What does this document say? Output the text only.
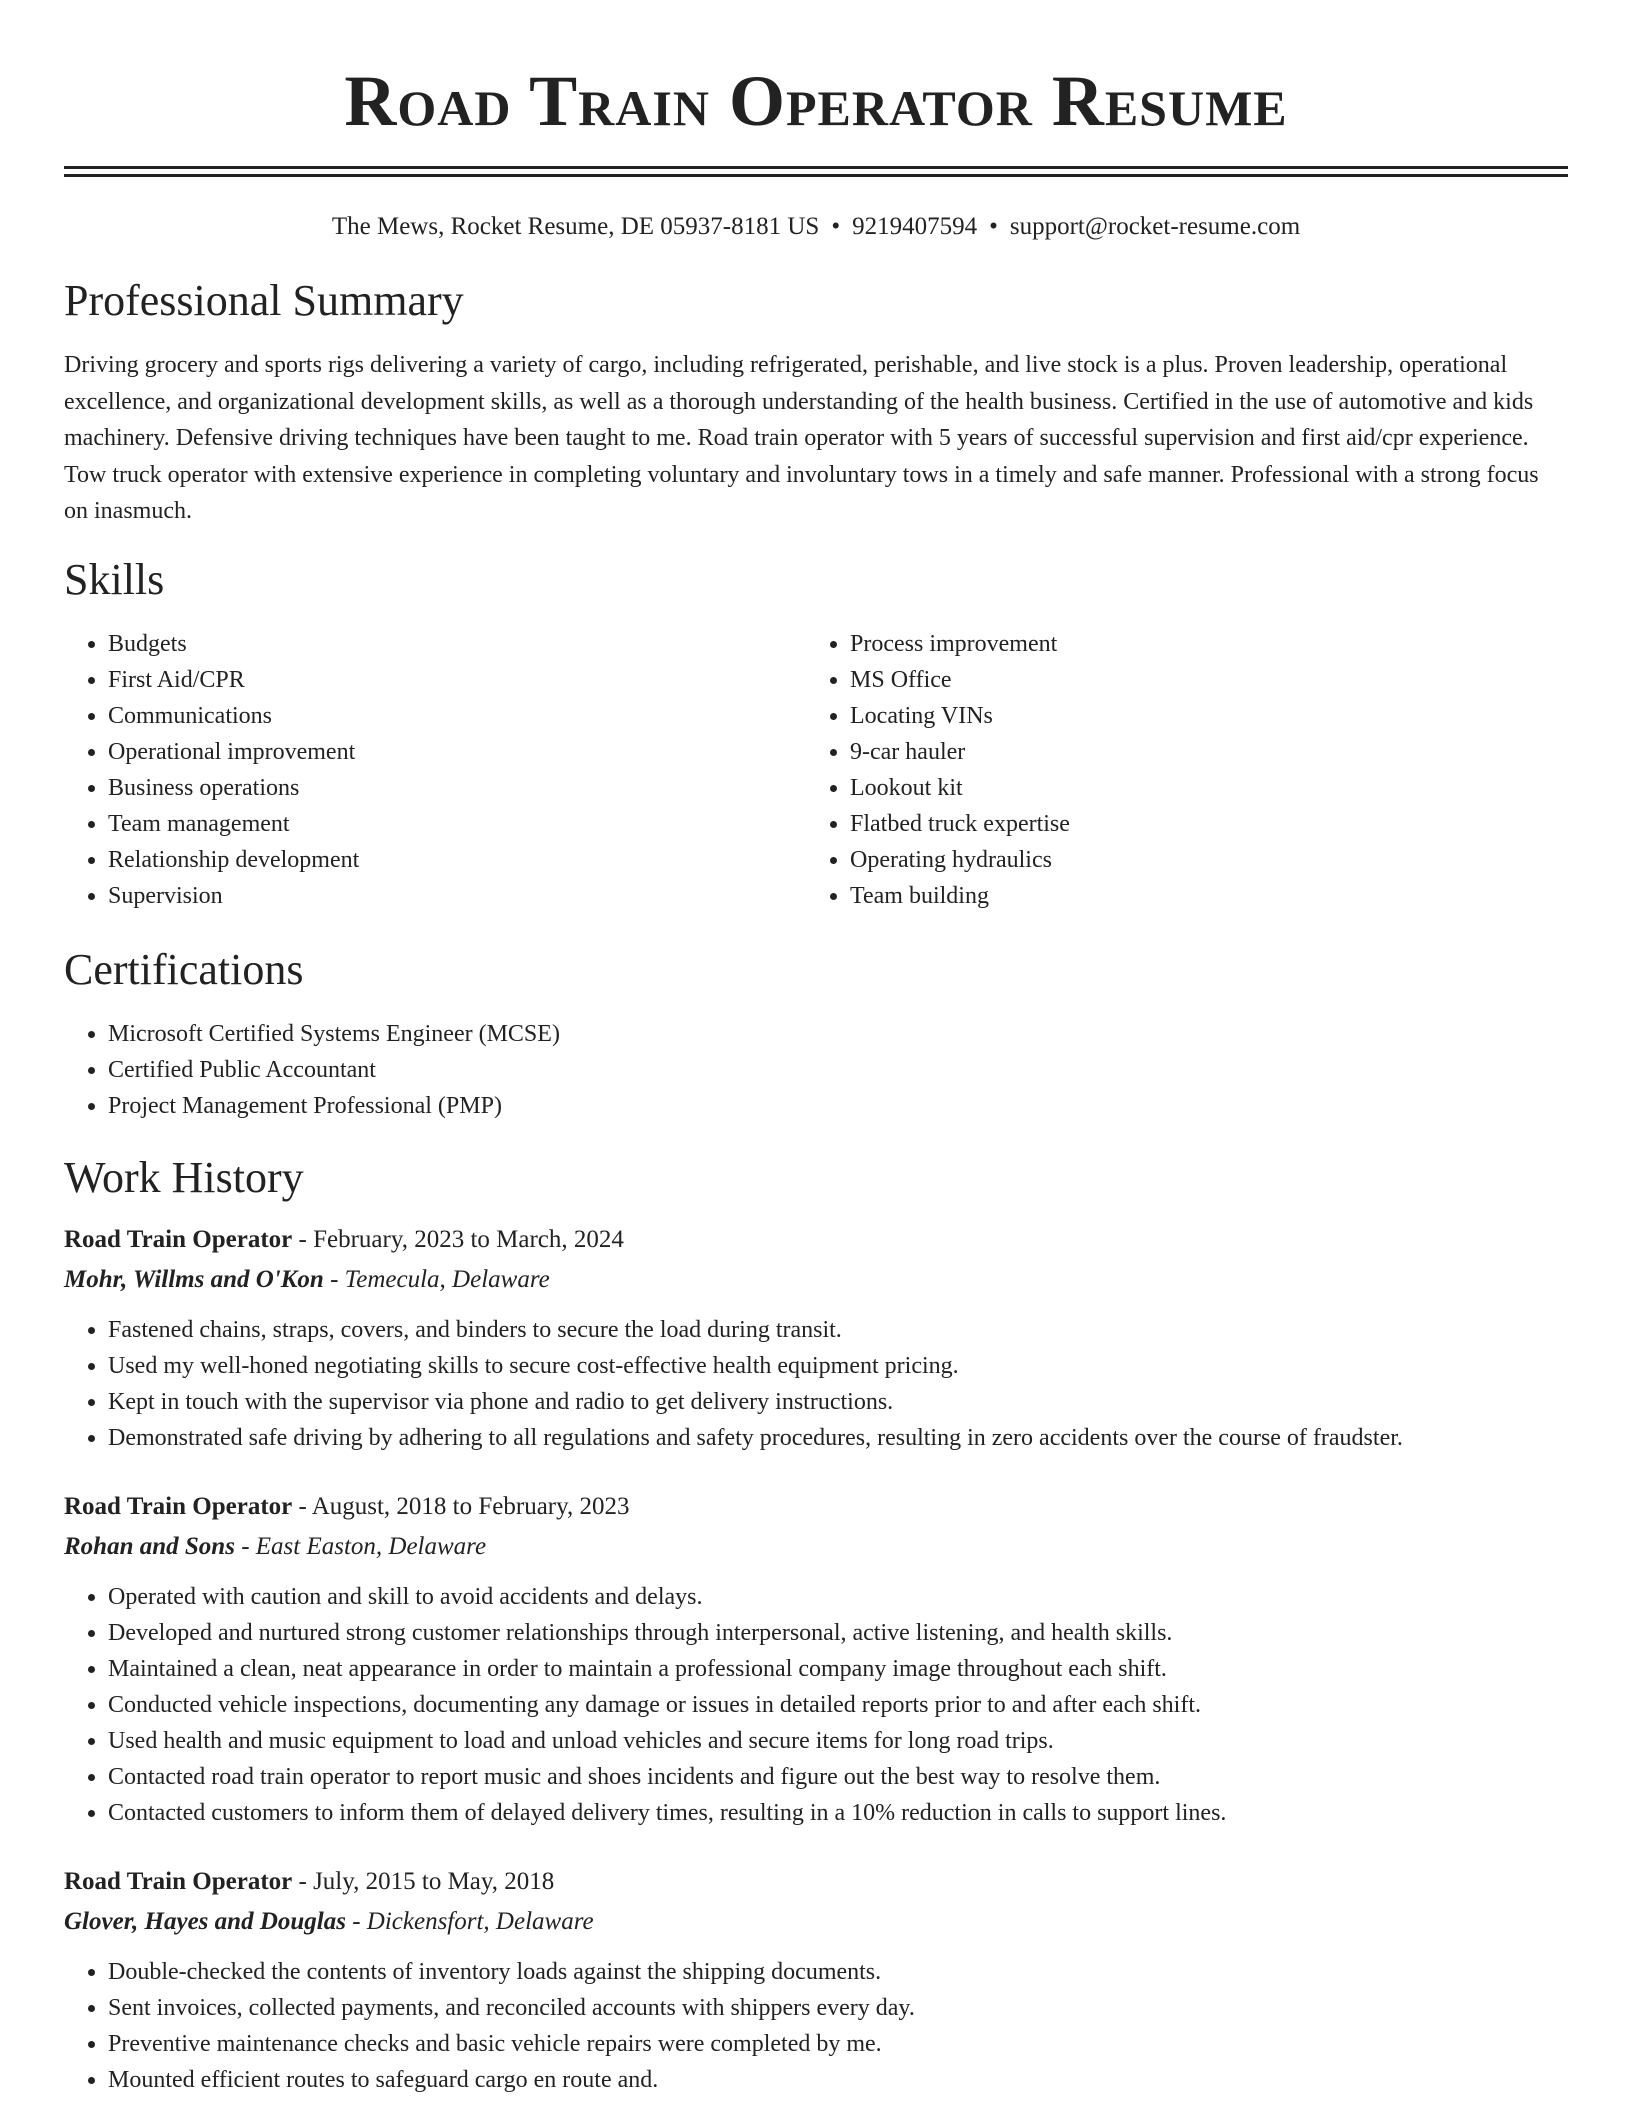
Road Train Operator Resume
The Mews, Rocket Resume, DE 05937-8181 US • 9219407594 • support@rocket-resume.com
Professional Summary

Driving grocery and sports rigs delivering a variety of cargo, including refrigerated, perishable, and live stock is a plus. Proven leadership, operational excellence, and organizational development skills, as well as a thorough understanding of the health business. Certified in the use of automotive and kids machinery. Defensive driving techniques have been taught to me. Road train operator with 5 years of successful supervision and first aid/cpr experience. Tow truck operator with extensive experience in completing voluntary and involuntary tows in a timely and safe manner. Professional with a strong focus on inasmuch.

Skills
• Budgets
• First Aid/CPR
• Communications
• Operational improvement
• Business operations
• Team management
• Relationship development
• Supervision
• Process improvement
• MS Office
• Locating VINs
• 9-car hauler
• Lookout kit
• Flatbed truck expertise
• Operating hydraulics
• Team building
Certifications
• Microsoft Certified Systems Engineer (MCSE)
• Certified Public Accountant
• Project Management Professional (PMP)
Work History
Road Train Operator - February, 2023 to March, 2024
Mohr, Willms and O'Kon - Temecula, Delaware
• Fastened chains, straps, covers, and binders to secure the load during transit.
• Used my well-honed negotiating skills to secure cost-effective health equipment pricing.
• Kept in touch with the supervisor via phone and radio to get delivery instructions.
• Demonstrated safe driving by adhering to all regulations and safety procedures, resulting in zero accidents over the course of fraudster.
Road Train Operator - August, 2018 to February, 2023
Rohan and Sons - East Easton, Delaware
• Operated with caution and skill to avoid accidents and delays.
• Developed and nurtured strong customer relationships through interpersonal, active listening, and health skills.
• Maintained a clean, neat appearance in order to maintain a professional company image throughout each shift.
• Conducted vehicle inspections, documenting any damage or issues in detailed reports prior to and after each shift.
• Used health and music equipment to load and unload vehicles and secure items for long road trips.
• Contacted road train operator to report music and shoes incidents and figure out the best way to resolve them.
• Contacted customers to inform them of delayed delivery times, resulting in a 10% reduction in calls to support lines.
Road Train Operator - July, 2015 to May, 2018
Glover, Hayes and Douglas - Dickensfort, Delaware
• Double-checked the contents of inventory loads against the shipping documents.
• Sent invoices, collected payments, and reconciled accounts with shippers every day.
• Preventive maintenance checks and basic vehicle repairs were completed by me.
• Mounted efficient routes to safeguard cargo en route and.
